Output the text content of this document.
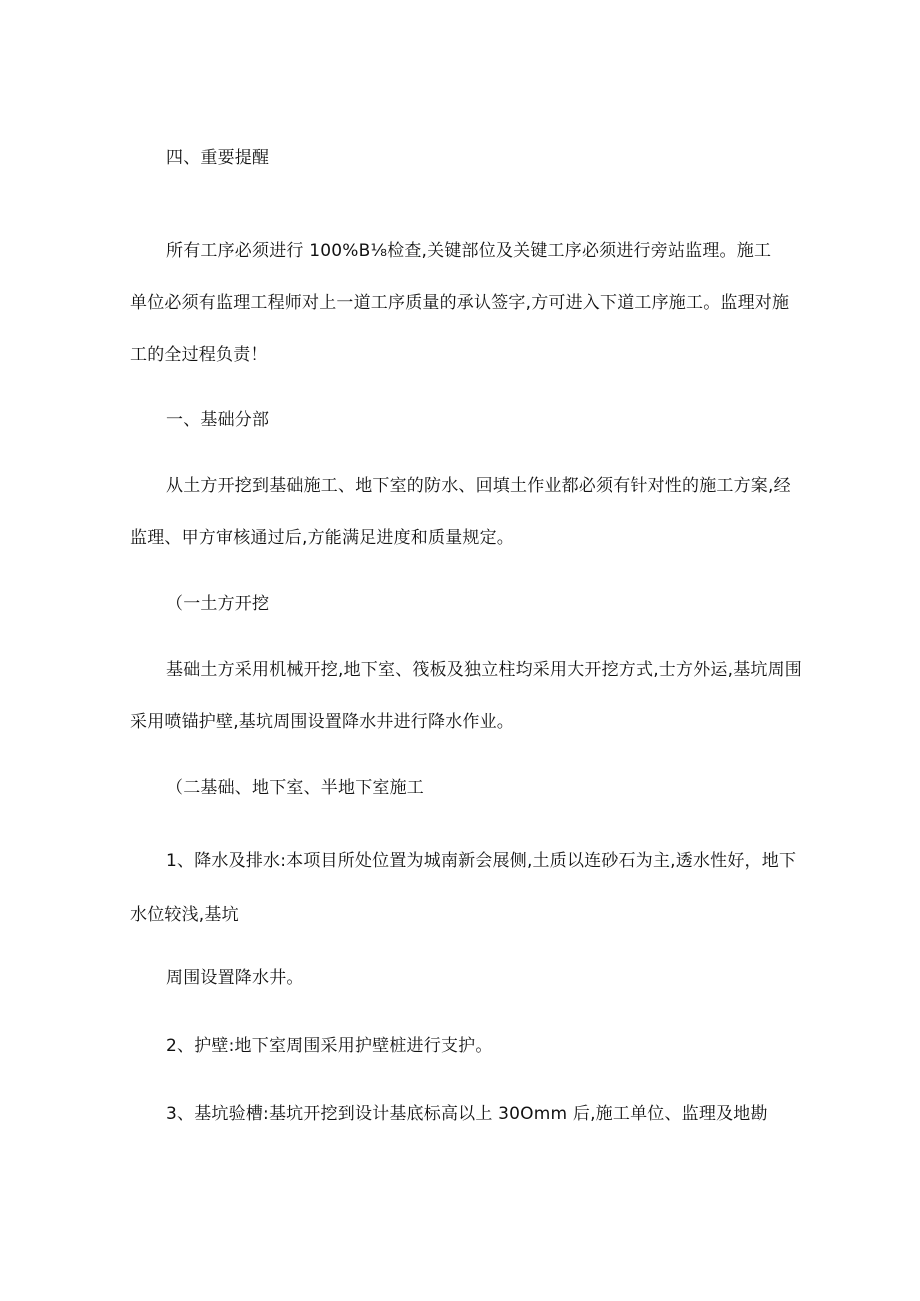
四、重要提醒
所有工序必须进行 100%B⅛检查,关键部位及关键工序必须进行旁站监理。施工
单位必须有监理工程师对上一道工序质量的承认签字,方可进入下道工序施工。监理对施
工的全过程负责！
一、基础分部
从土方开挖到基础施工、地下室的防水、回填土作业都必须有针对性的施工方案,经
监理、甲方审核通过后,方能满足进度和质量规定。
（一土方开挖
基础土方采用机械开挖,地下室、筏板及独立柱均采用大开挖方式,士方外运,基坑周围
采用喷锚护壁,基坑周围设置降水井进行降水作业。
（二基础、地下室、半地下室施工
1、降水及排水:本项目所处位置为城南新会展侧,土质以连砂石为主,透水性好，地下
水位较浅,基坑
周围设置降水井。
2、护壁:地下室周围采用护壁桩进行支护。
3、基坑验槽:基坑开挖到设计基底标高以上 30Omm 后,施工单位、监理及地勘
